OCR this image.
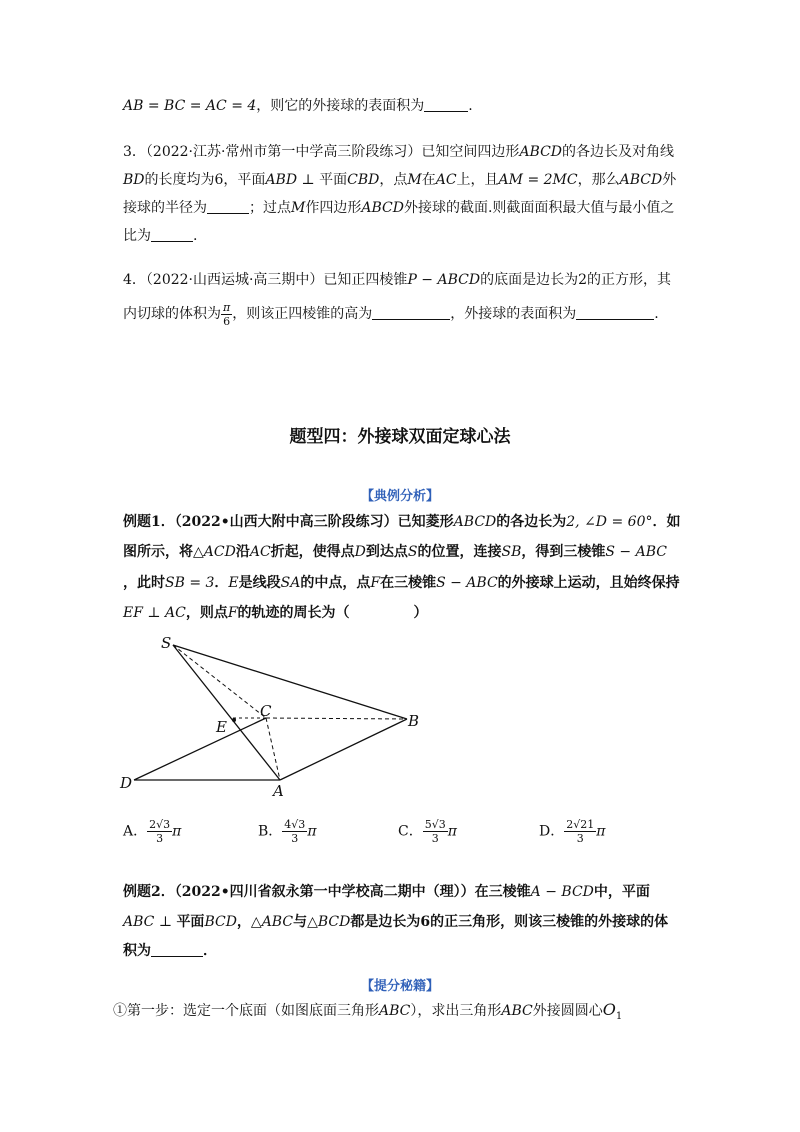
AB = BC = AC = 4，则它的外接球的表面积为	.
3．（2022·江苏·常州市第一中学高三阶段练习）已知空间四边形ABCD的各边长及对角线
BD的长度均为6，平面ABD ⊥ 平面CBD，点M在AC上，且AM = 2MC，那么ABCD外
接球的半径为	；过点M作四边形ABCD外接球的截面.则截面面积最大值与最小值之
比为	.
4．（2022·山西运城·高三期中）已知正四棱锥P − ABCD的底面是边长为2的正方形，其
内切球的体积为 $\frac{\pi}{6}$ ，则该正四棱锥的高为	，外接球的表面积为	.
题型四：外接球双面定球心法
【典例分析】
例题1．（2022•山西大附中高三阶段练习）已知菱形ABCD的各边长为2, ∠D = 60°．如
图所示，将△ACD沿AC折起，使得点D到达点S的位置，连接SB，得到三棱锥S − ABC
，此时SB = 3．E是线段SA的中点，点F在三棱锥S − ABC的外接球上运动，且始终保持
EF ⊥ AC，则点F的轨迹的周长为（	）
S
C
E	B
D	A
A． $\frac{2√3}{3}$ π	B． $\frac{4√3}{3}$ π	C． $\frac{5√3}{3}$ π	D． $\frac{2√21}{3}$ π
例题2．（2022•四川省叙永第一中学校高二期中（理））在三棱锥A − BCD中，平面
ABC ⊥ 平面BCD，△ABC与△BCD都是边长为6的正三角形，则该三棱锥的外接球的体
积为	．
【提分秘籍】
①第一步：选定一个底面（如图底面三角形ABC），求出三角形ABC外接圆圆心$O_1$
